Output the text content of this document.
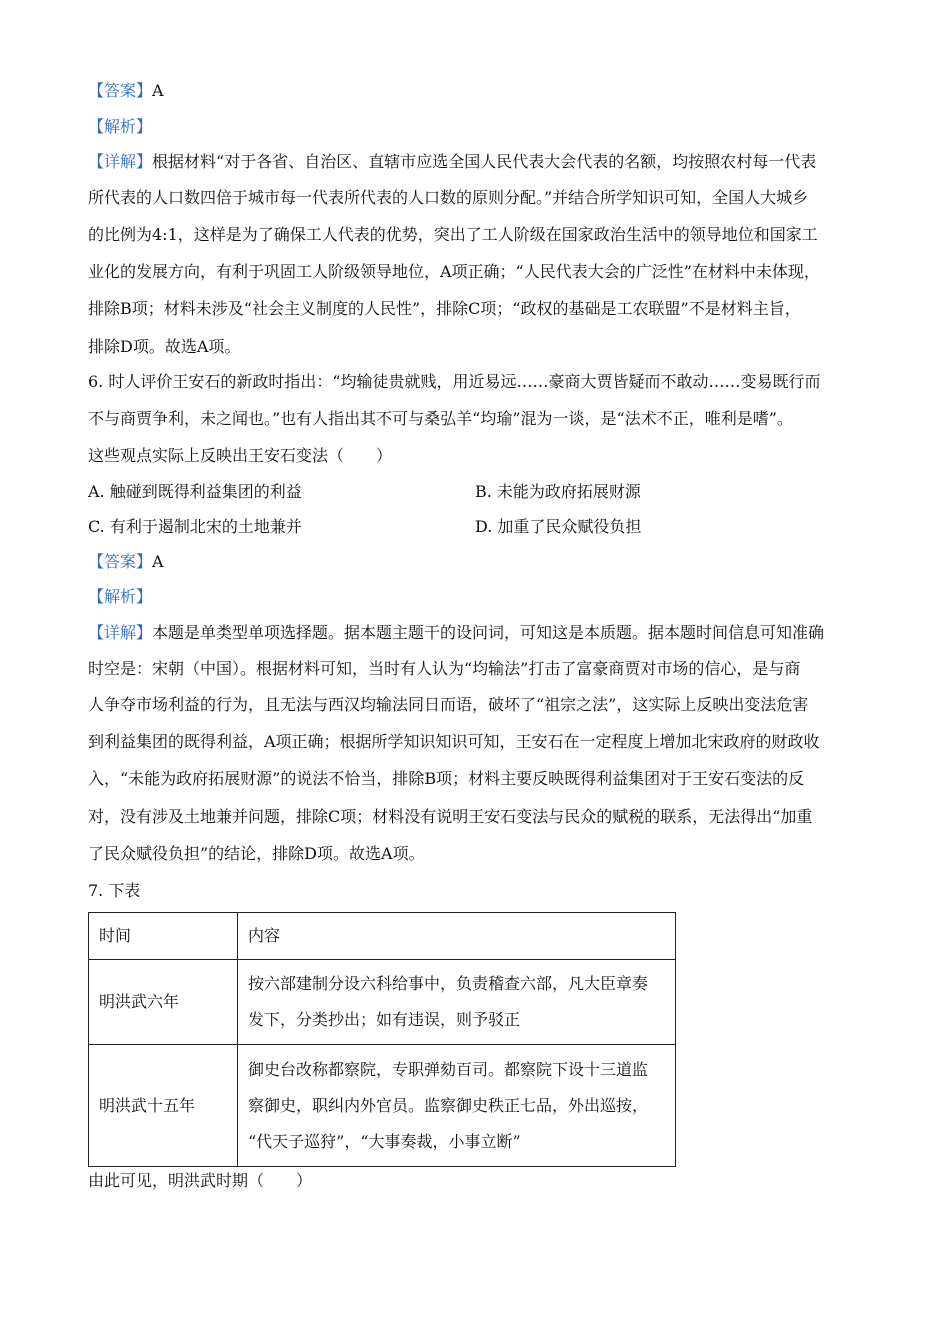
【答案】A
【解析】
【详解】根据材料“对于各省、自治区、直辖市应选全国人民代表大会代表的名额，均按照农村每一代表
所代表的人口数四倍于城市每一代表所代表的人口数的原则分配。”并结合所学知识可知，全国人大城乡
的比例为4:1，这样是为了确保工人代表的优势，突出了工人阶级在国家政治生活中的领导地位和国家工
业化的发展方向，有利于巩固工人阶级领导地位，A项正确；“人民代表大会的广泛性”在材料中未体现，
排除B项；材料未涉及“社会主义制度的人民性”，排除C项；“政权的基础是工农联盟”不是材料主旨，
排除D项。故选A项。
6. 时人评价王安石的新政时指出：“均输徒贵就贱，用近易远……豪商大贾皆疑而不敢动……变易既行而
不与商贾争利，未之闻也。”也有人指出其不可与桑弘羊“均瑜”混为一谈，是“法术不正，唯利是嗜”。
这些观点实际上反映出王安石变法（　　）
A. 触碰到既得利益集团的利益	B. 未能为政府拓展财源
C. 有利于遏制北宋的土地兼并	D. 加重了民众赋役负担
【答案】A
【解析】
【详解】本题是单类型单项选择题。据本题主题干的设问词，可知这是本质题。据本题时间信息可知准确
时空是：宋朝（中国）。根据材料可知，当时有人认为“均输法”打击了富豪商贾对市场的信心，是与商
人争夺市场利益的行为，且无法与西汉均输法同日而语，破坏了“祖宗之法”，这实际上反映出变法危害
到利益集团的既得利益，A项正确；根据所学知识知识可知，王安石在一定程度上增加北宋政府的财政收
入，“未能为政府拓展财源”的说法不恰当，排除B项；材料主要反映既得利益集团对于王安石变法的反
对，没有涉及土地兼并问题，排除C项；材料没有说明王安石变法与民众的赋税的联系，无法得出“加重
了民众赋役负担”的结论，排除D项。故选A项。
7. 下表
时间	内容
明洪武六年	按六部建制分设六科给事中，负责稽查六部，凡大臣章奏
发下，分类抄出；如有违误，则予驳正

明洪武十五年	御史台改称都察院，专职弹劾百司。都察院下设十三道监
察御史，职纠内外官员。监察御史秩正七品，外出巡按，
“代天子巡狩”，“大事奏裁，小事立断”
由此可见，明洪武时期（　　）
